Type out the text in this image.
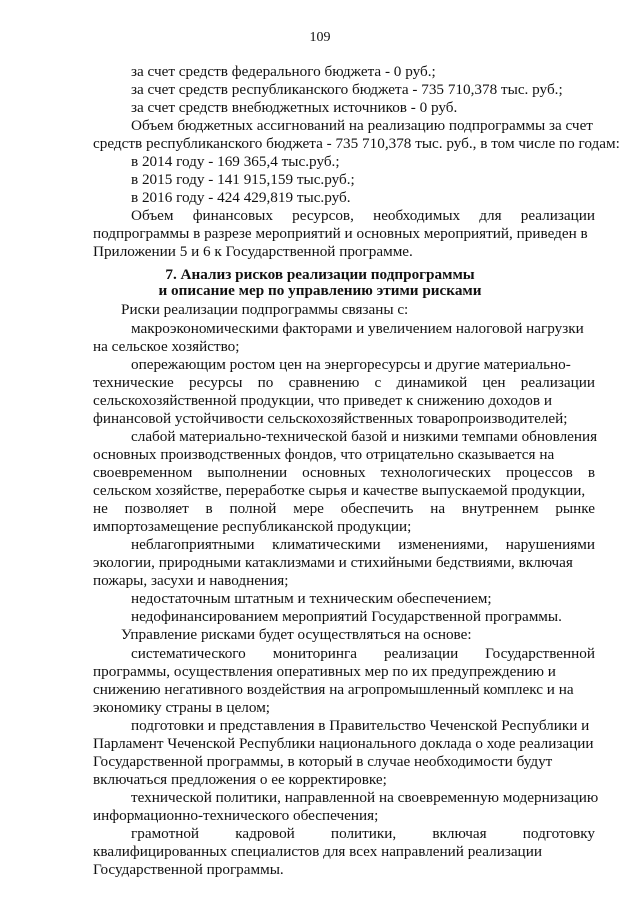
109
за счет средств федерального бюджета - 0 руб.;
за счет средств республиканского бюджета - 735 710,378 тыс. руб.;
за счет средств внебюджетных источников - 0 руб.
Объем бюджетных ассигнований на реализацию подпрограммы за счет
средств республиканского бюджета - 735 710,378 тыс. руб., в том числе по годам:
в 2014 году - 169 365,4 тыс.руб.;
в 2015 году - 141 915,159 тыс.руб.;
в 2016 году - 424 429,819 тыс.руб.
Объем финансовых ресурсов, необходимых для реализации
подпрограммы в разрезе мероприятий и основных мероприятий, приведен в
Приложении 5 и 6 к Государственной программе.
7. Анализ рисков реализации подпрограммы
и описание мер по управлению этими рисками
Риски реализации подпрограммы связаны с:
макроэкономическими факторами и увеличением налоговой нагрузки
на сельское хозяйство;
опережающим ростом цен на энергоресурсы и другие материально-
технические ресурсы по сравнению с динамикой цен реализации
сельскохозяйственной продукции, что приведет к снижению доходов и
финансовой устойчивости сельскохозяйственных товаропроизводителей;
слабой материально-технической базой и низкими темпами обновления
основных производственных фондов, что отрицательно сказывается на
своевременном выполнении основных технологических процессов в
сельском хозяйстве, переработке сырья и качестве выпускаемой продукции,
не позволяет в полной мере обеспечить на внутреннем рынке
импортозамещение республиканской продукции;
неблагоприятными климатическими изменениями, нарушениями
экологии, природными катаклизмами и стихийными бедствиями, включая
пожары, засухи и наводнения;
недостаточным штатным и техническим обеспечением;
недофинансированием мероприятий Государственной программы.
Управление рисками будет осуществляться на основе:
систематического мониторинга реализации Государственной
программы, осуществления оперативных мер по их предупреждению и
снижению негативного воздействия на агропромышленный комплекс и на
экономику страны в целом;
подготовки и представления в Правительство Чеченской Республики и
Парламент Чеченской Республики национального доклада о ходе реализации
Государственной программы, в который в случае необходимости будут
включаться предложения о ее корректировке;
технической политики, направленной на своевременную модернизацию
информационно-технического обеспечения;
грамотной кадровой политики, включая подготовку
квалифицированных специалистов для всех направлений реализации
Государственной программы.
